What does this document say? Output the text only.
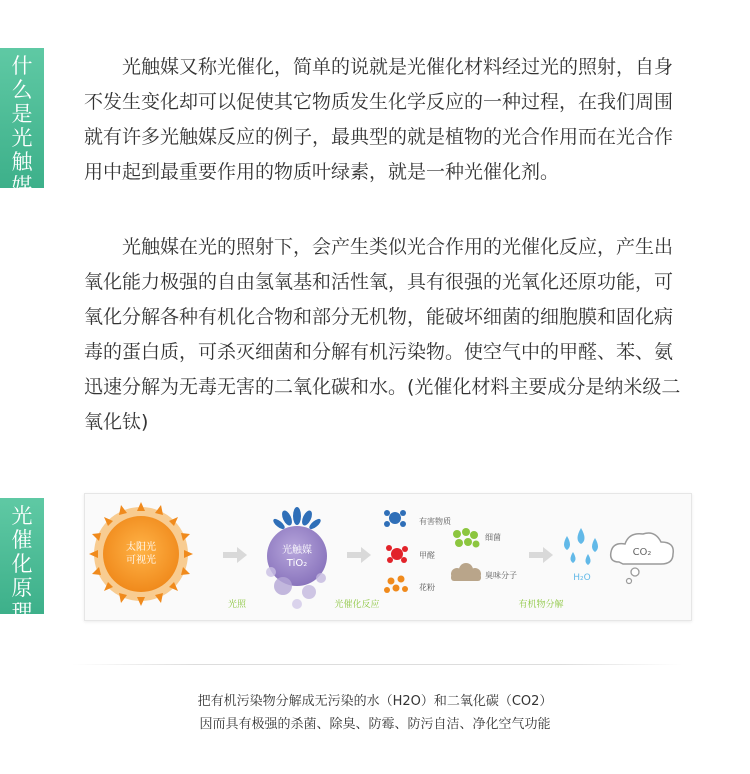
什
么
是
光
触
媒

光触媒又称光催化，简单的说就是光催化材料经过光的照射，自身不发生变化却可以促使其它物质发生化学反应的一种过程，在我们周围就有许多光触媒反应的例子，最典型的就是植物的光合作用而在光合作用中起到最重要作用的物质叶绿素，就是一种光催化剂。

光触媒在光的照射下，会产生类似光合作用的光催化反应，产生出氧化能力极强的自由氢氧基和活性氧，具有很强的光氧化还原功能，可氧化分解各种有机化合物和部分无机物，能破坏细菌的细胞膜和固化病毒的蛋白质，可杀灭细菌和分解有机污染物。使空气中的甲醛、苯、氨迅速分解为无毒无害的二氧化碳和水。(光催化材料主要成分是纳米级二氧化钛)

光
催
化
原
理
太阳光
可视光
光照
光触媒
TiO₂
光催化反应
有害物质
甲醛
花粉
细菌
臭味分子
有机物分解
H₂O
CO₂
把有机污染物分解成无污染的水（H2O）和二氧化碳（CO2）
因而具有极强的杀菌、除臭、防霉、防污自洁、净化空气功能
